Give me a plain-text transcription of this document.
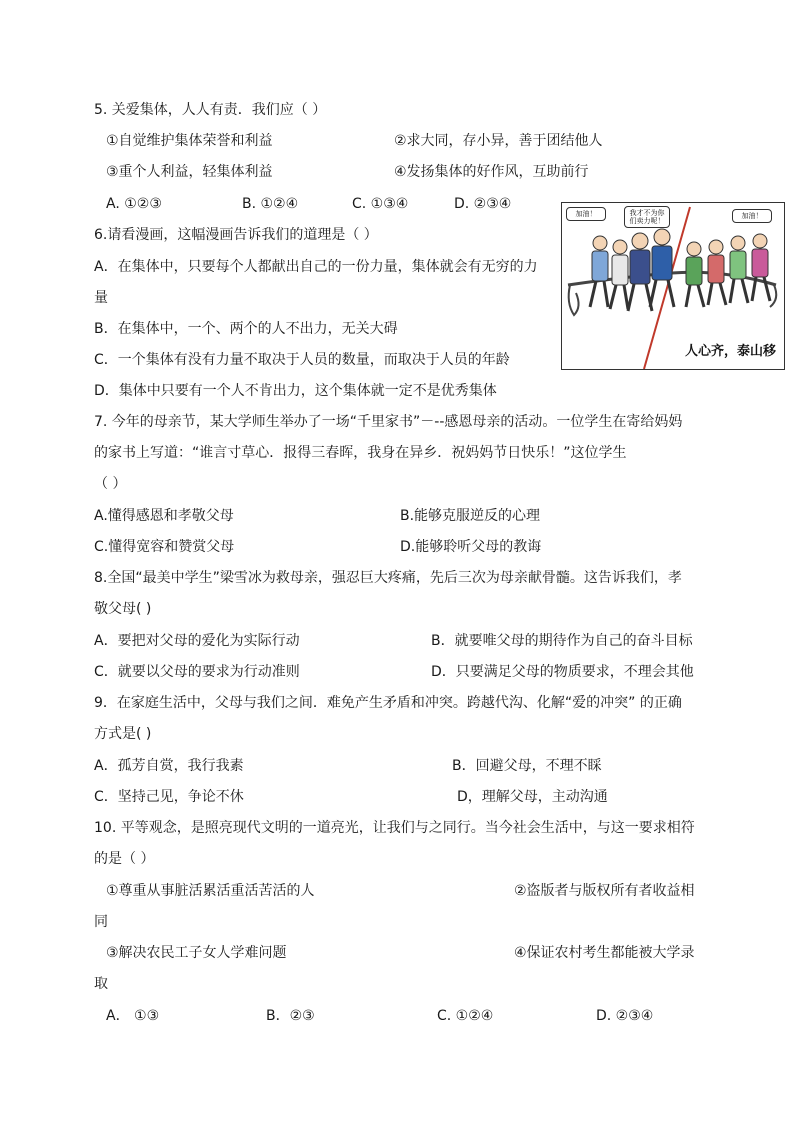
5. 关爱集体，人人有责．我们应（ ）
①自觉维护集体荣誉和利益	②求大同，存小异，善于团结他人
③重个人利益，轻集体利益	④发扬集体的好作风，互助前行
A. ①②③	B. ①②④	C. ①③④	D. ②③④
6.请看漫画，这幅漫画告诉我们的道理是（ ）
A．在集体中，只要每个人都献出自己的一份力量，集体就会有无穷的力
量
B．在集体中，一个、两个的人不出力，无关大碍
C．一个集体有没有力量不取决于人员的数量，而取决于人员的年龄
D．集体中只要有一个人不肯出力，这个集体就一定不是优秀集体
加油！	我才不为你们卖力呢！
加油！
人心齐，泰山移
7. 今年的母亲节，某大学师生举办了一场“千里家书”－--感恩母亲的活动。一位学生在寄给妈妈
的家书上写道：“谁言寸草心．报得三春晖，我身在异乡．祝妈妈节日快乐！”这位学生
（ ）
A.懂得感恩和孝敬父母	B.能够克服逆反的心理
C.懂得宽容和赞赏父母	D.能够聆听父母的教诲
8.全国“最美中学生”梁雪冰为救母亲，强忍巨大疼痛，先后三次为母亲献骨髓。这告诉我们，孝
敬父母( )
A．要把对父母的爱化为实际行动	B．就要唯父母的期待作为自己的奋斗目标
C．就要以父母的要求为行动准则	D．只要满足父母的物质要求，不理会其他
9．在家庭生活中，父母与我们之间．难免产生矛盾和冲突。跨越代沟、化解“爱的冲突” 的正确
方式是( )
A．孤芳自赏，我行我素	B．回避父母，不理不睬
C．坚持己见，争论不休	D，理解父母，主动沟通
10. 平等观念，是照亮现代文明的一道亮光，让我们与之同行。当今社会生活中，与这一要求相符
的是（ ）
①尊重从事脏活累活重活苦活的人	②盗版者与版权所有者收益相
同
③解决农民工子女人学难问题	④保证农村考生都能被大学录
取
A． ①③	B．②③	C. ①②④	D. ②③④
